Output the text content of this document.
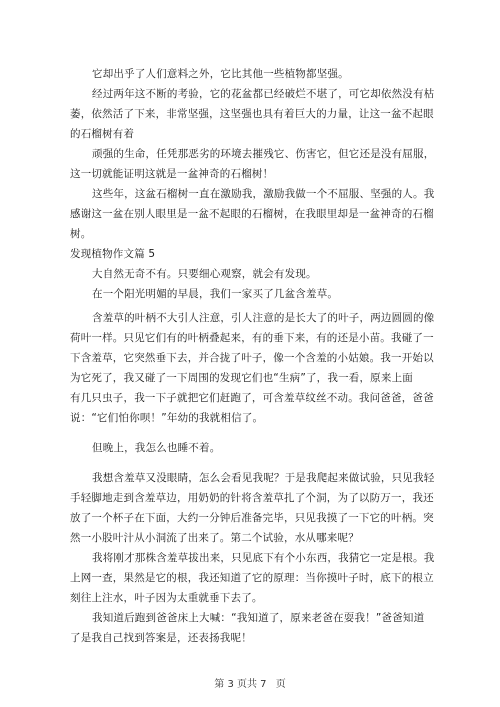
它却出乎了人们意料之外，它比其他一些植物都坚强。
经过两年这不断的考验，它的花盆都已经破烂不堪了，可它却依然没有枯
萎，依然活了下来，非常坚强，这坚强也具有着巨大的力量，让这一盆不起眼
的石榴树有着
顽强的生命，任凭那恶劣的环境去摧残它、伤害它，但它还是没有屈服，
这一切就能证明这就是一盆神奇的石榴树！
这些年，这盆石榴树一直在激励我，激励我做一个不屈服、坚强的人。我
感谢这一盆在别人眼里是一盆不起眼的石榴树，在我眼里却是一盆神奇的石榴
树。
发现植物作文篇 5
大自然无奇不有。只要细心观察，就会有发现。
在一个阳光明媚的早晨，我们一家买了几盆含羞草。
含羞草的叶柄不大引人注意，引人注意的是长大了的叶子，两边圆圆的像
荷叶一样。只见它们有的叶柄叠起来，有的垂下来，有的还是小苗。我碰了一
下含羞草，它突然垂下去，并合拢了叶子，像一个含羞的小姑娘。我一开始以
为它死了，我又碰了一下周围的发现它们也“生病”了，我一看，原来上面
有几只虫子，我一下子就把它们赶跑了，可含羞草纹丝不动。我问爸爸，爸爸
说：“它们怕你呗！”年幼的我就相信了。
但晚上，我怎么也睡不着。
我想含羞草又没眼睛，怎么会看见我呢？于是我爬起来做试验，只见我轻
手轻脚地走到含羞草边，用奶奶的针将含羞草扎了个洞，为了以防万一，我还
放了一个杯子在下面，大约一分钟后准备完毕，只见我摸了一下它的叶柄。突
然一小股叶汁从小洞流了出来了。第二个试验，水从哪来呢？
我将刚才那株含羞草拔出来，只见底下有个小东西，我猜它一定是根。我
上网一查，果然是它的根，我还知道了它的原理：当你摸叶子时，底下的根立
刻往上注水，叶子因为太重就垂下去了。
我知道后跑到爸爸床上大喊：“我知道了，原来老爸在耍我！”爸爸知道
了是我自己找到答案是，还表扬我呢！
第 3 页共 7 页
